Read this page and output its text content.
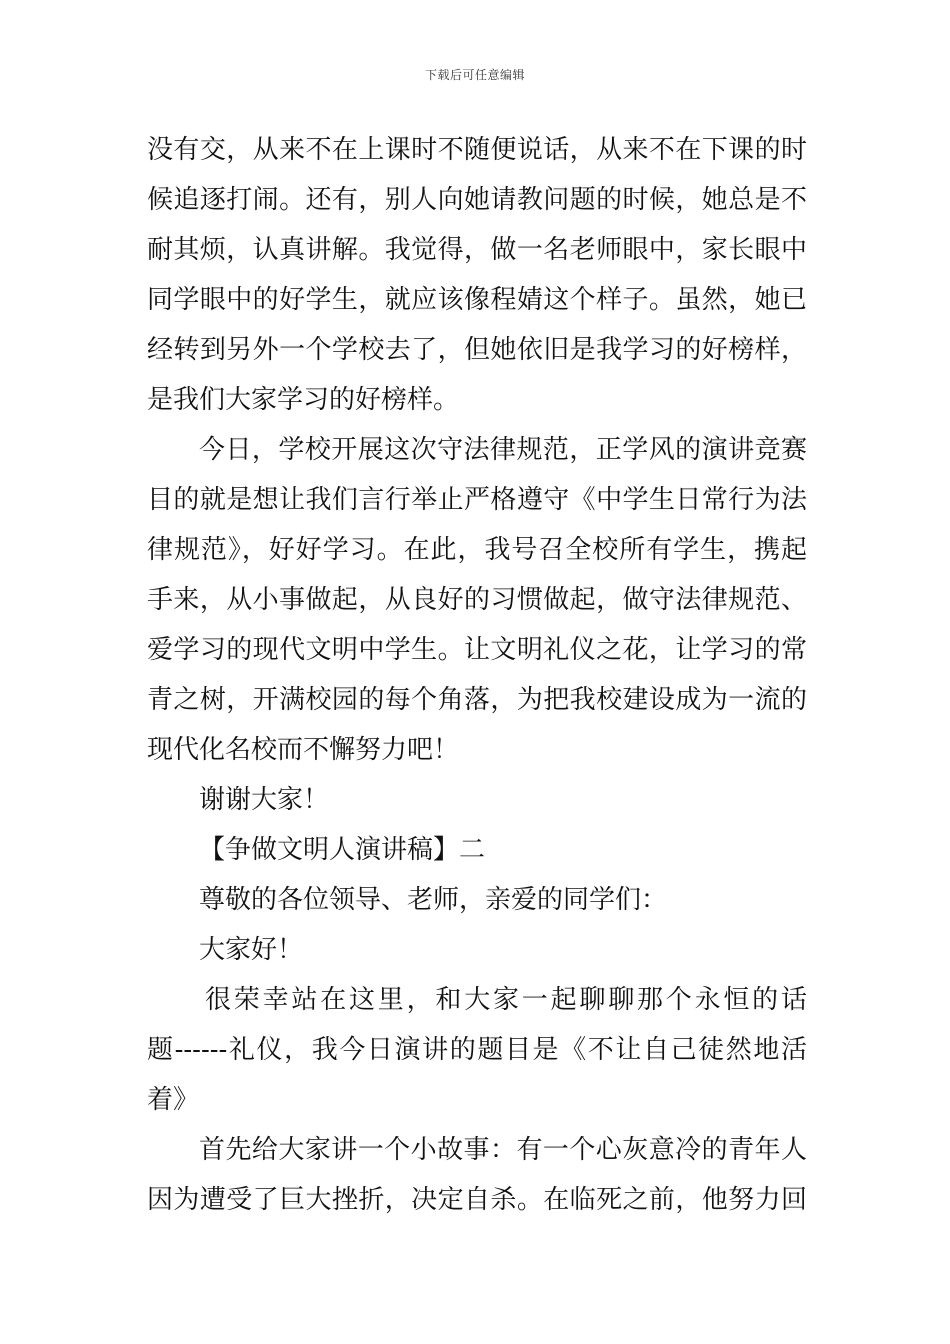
下载后可任意编辑
没有交，从来不在上课时不随便说话，从来不在下课的时
候追逐打闹。还有，别人向她请教问题的时候，她总是不
耐其烦，认真讲解。我觉得，做一名老师眼中，家长眼中
同学眼中的好学生，就应该像程婧这个样子。虽然，她已
经转到另外一个学校去了，但她依旧是我学习的好榜样，
是我们大家学习的好榜样。
今日，学校开展这次守法律规范，正学风的演讲竞赛
目的就是想让我们言行举止严格遵守《中学生日常行为法
律规范》，好好学习。在此，我号召全校所有学生，携起
手来，从小事做起，从良好的习惯做起，做守法律规范、
爱学习的现代文明中学生。让文明礼仪之花，让学习的常
青之树，开满校园的每个角落，为把我校建设成为一流的
现代化名校而不懈努力吧！
谢谢大家！
【争做文明人演讲稿】二
尊敬的各位领导、老师，亲爱的同学们：
大家好！
很荣幸站在这里，和大家一起聊聊那个永恒的话
题------礼仪，我今日演讲的题目是《不让自己徒然地活
着》
首先给大家讲一个小故事：有一个心灰意冷的青年人
因为遭受了巨大挫折，决定自杀。在临死之前，他努力回
